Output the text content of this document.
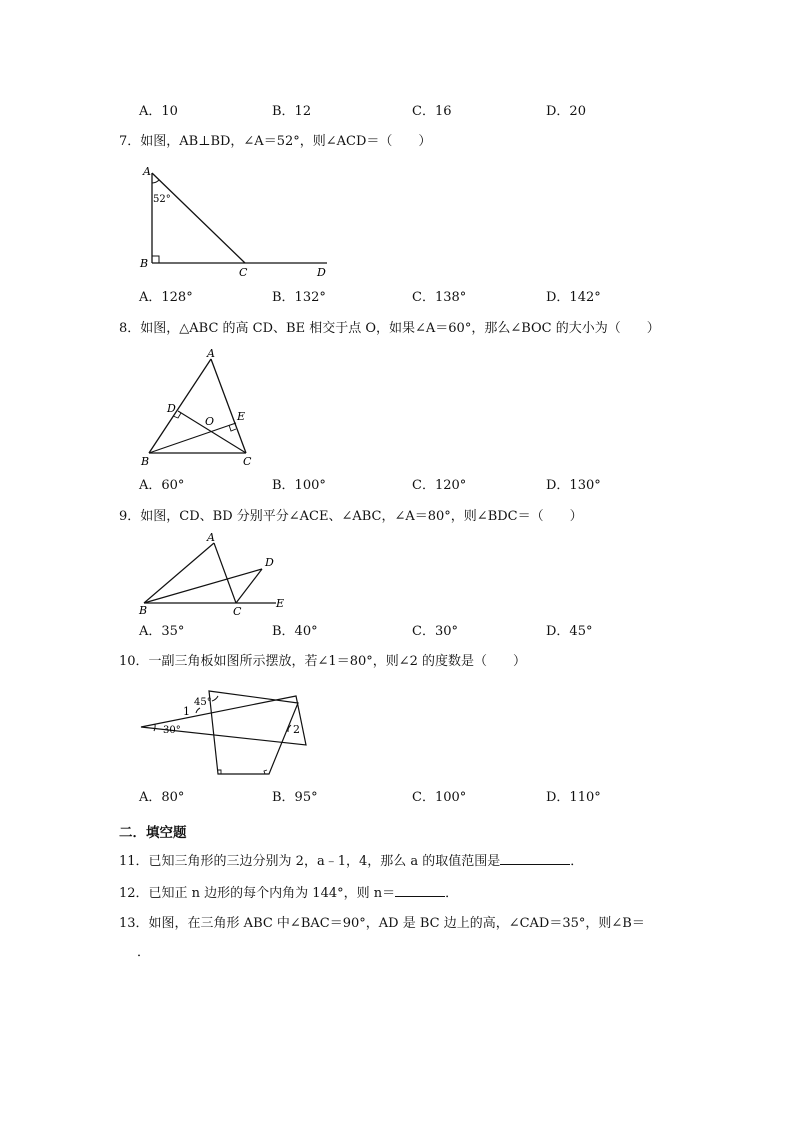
A．10	B．12	C．16	D．20
7．如图，AB⊥BD，∠A＝52°，则∠ACD＝（　　）
A
52°
B
C	D
A．128°	B．132°	C．138°	D．142°
8．如图，△ABC 的高 CD、BE 相交于点 O，如果∠A＝60°，那么∠BOC 的大小为（　　）
A
B	C
D
E
O
A．60°	B．100°	C．120°	D．130°
9．如图，CD、BD 分别平分∠ACE、∠ABC，∠A＝80°，则∠BDC＝（　　）
A
B	C
D
E
A．35°	B．40°	C．30°	D．45°
10．一副三角板如图所示摆放，若∠1＝80°，则∠2 的度数是（　　）
45°
30°
1
2
A．80°	B．95°	C．100°	D．110°
二．填空题
11．已知三角形的三边分别为 2，a﹣1，4，那么 a 的取值范围是	．
12．已知正 n 边形的每个内角为 144°，则 n＝	．
13．如图，在三角形 ABC 中∠BAC＝90°，AD 是 BC 边上的高，∠CAD＝35°，则∠B＝
．
